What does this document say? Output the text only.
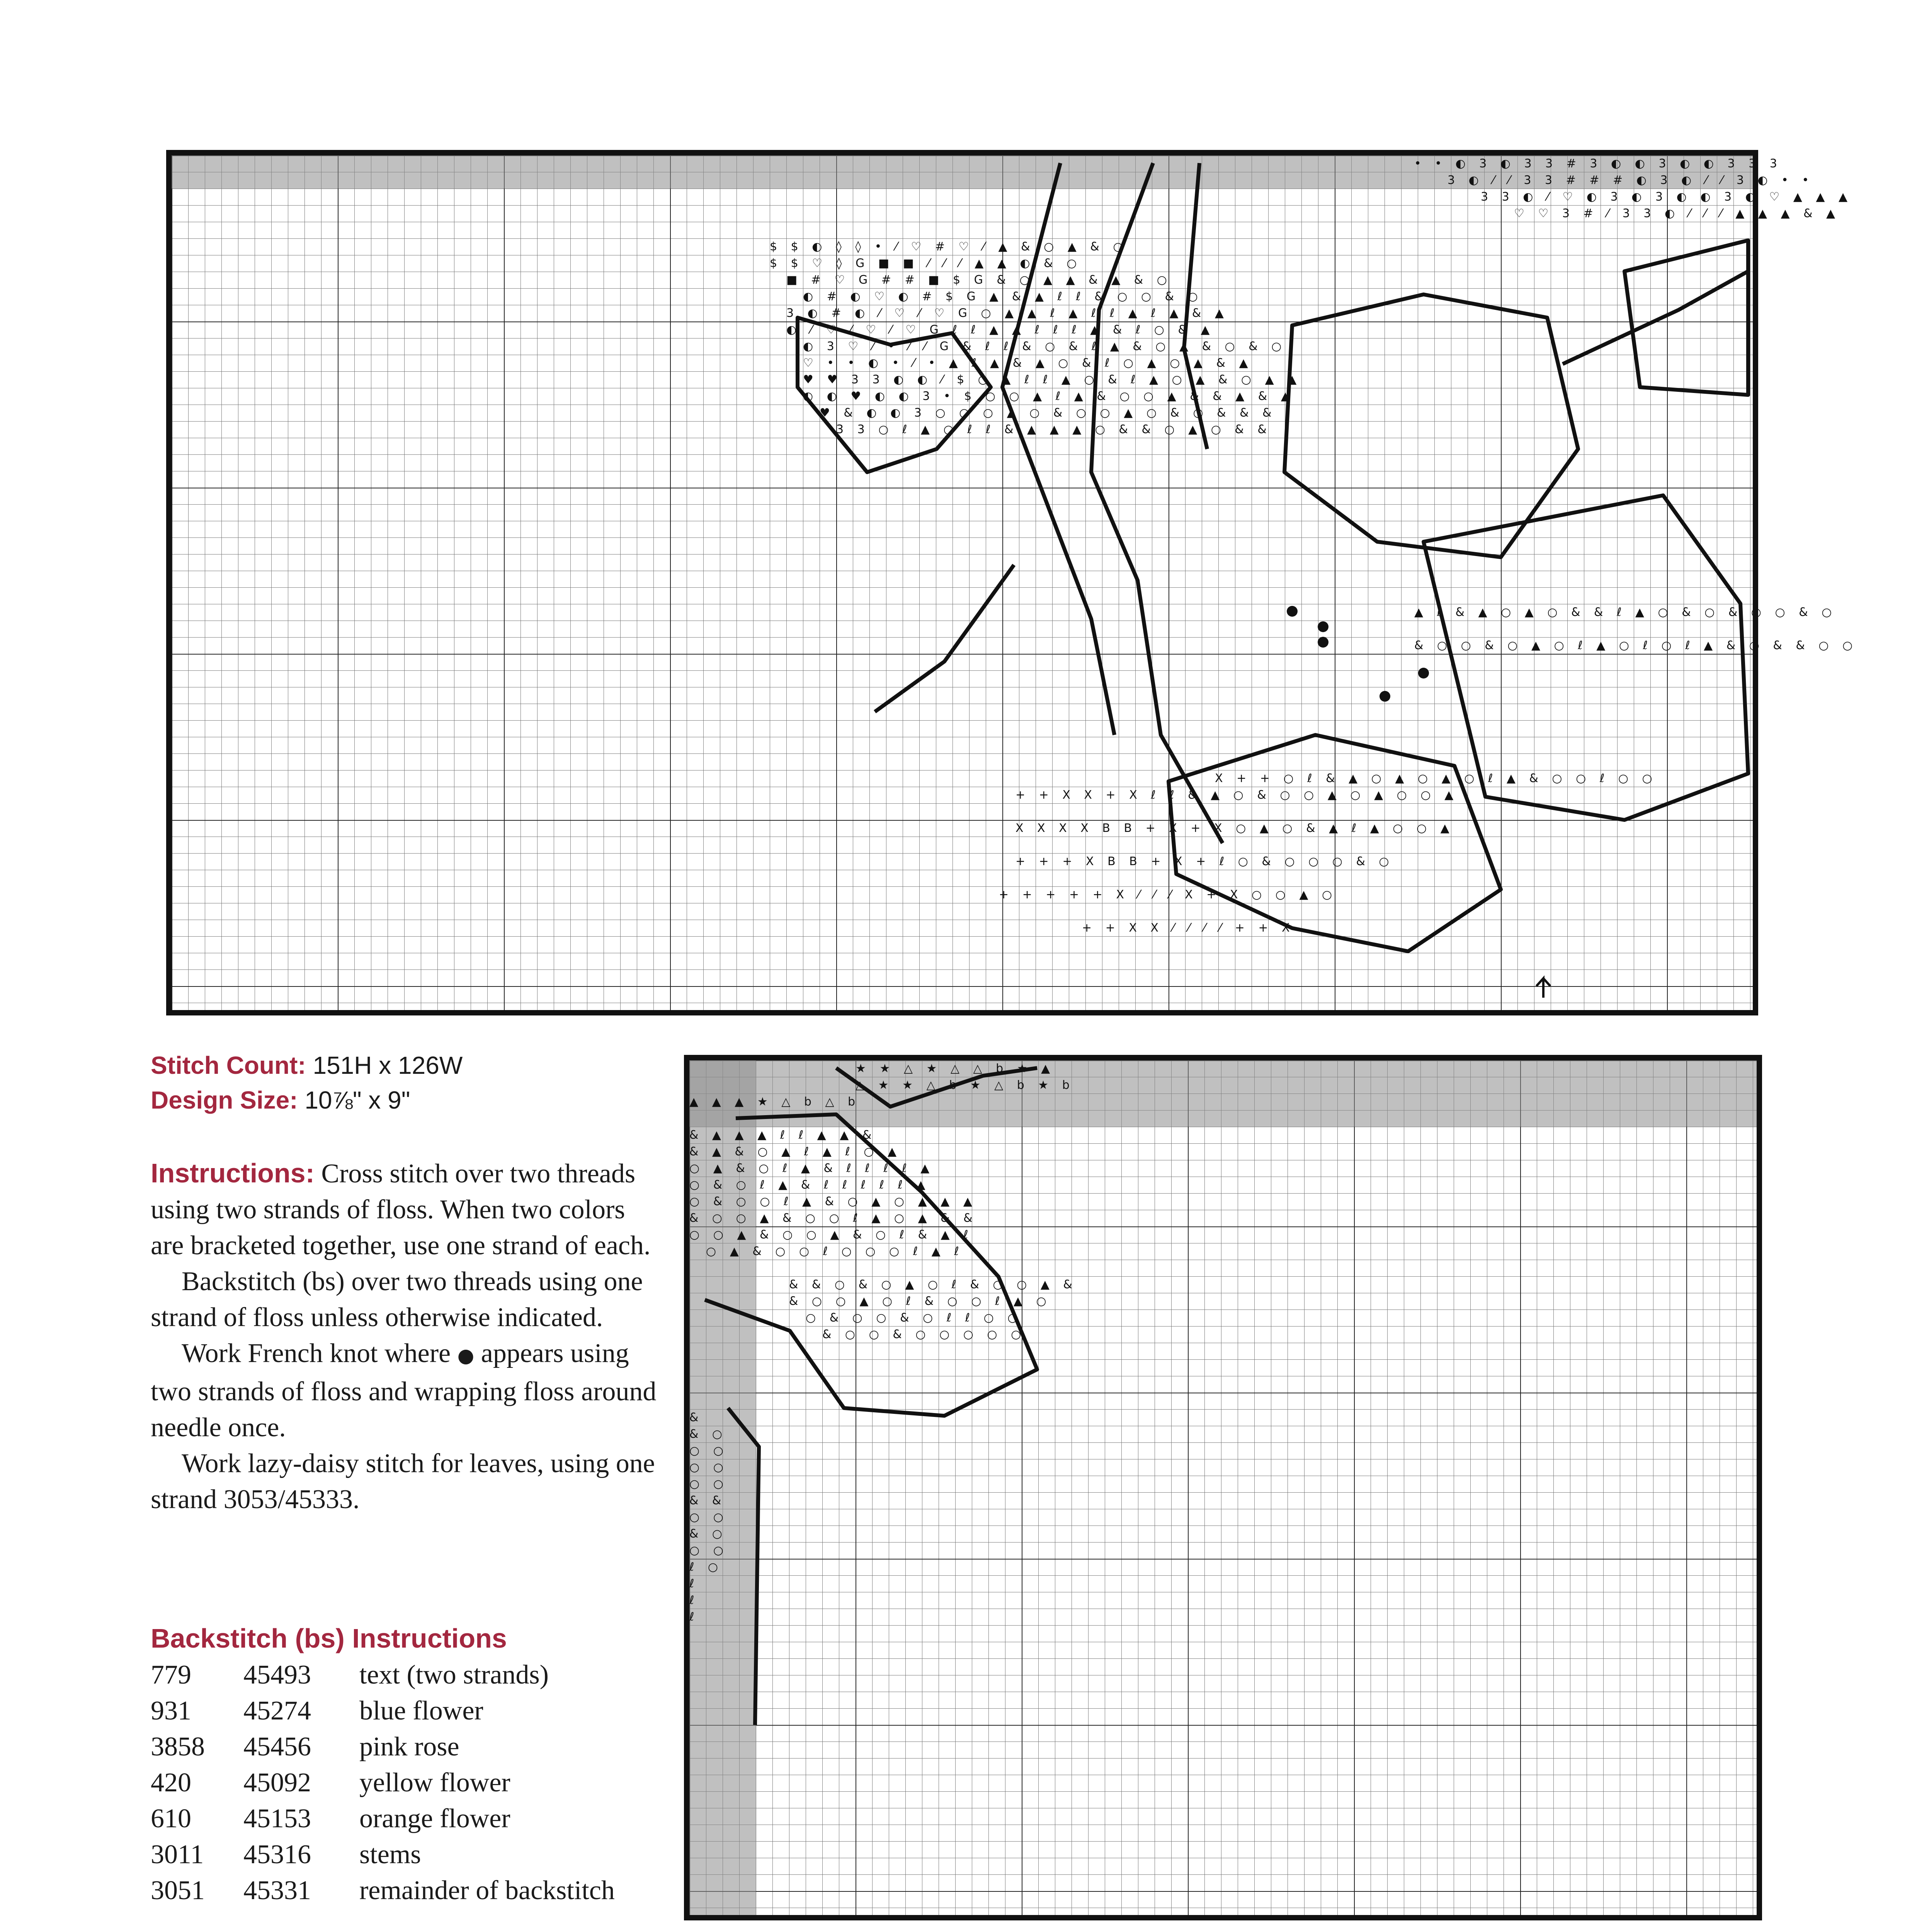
• • ◐ 3 ◐ 3 3 # 3 ◐ ◐ 3 ◐ ◐ 3 3 3
3 ◐ ⁄ ⁄ 3 3 # # # ◐ 3 ◐ ⁄ ⁄ 3 ◐ • •
3 3 ◐ ⁄ ♡ ◐ 3 ◐ 3 ◐ ◐ 3 ◐ ♡ ▲ ▲ ▲
♡ ♡ 3 # ⁄ 3 3 ◐ ⁄ ⁄ ⁄ ▲ ▲ ▲ & ▲
$ $ ◐ ◊ ◊ • ⁄ ♡ # ♡ ⁄ ▲ & ○ ▲ & ○
$ $ ♡ ◊ G ■ ■ ⁄ ⁄ ⁄ ▲ ▲ ◐ & ○
■ # ♡ G # # ■ $ G & ○ ▲ ▲ & ▲ & ○
◐ # ◐ ♡ ◐ # $ G ▲ & ▲ ℓ ℓ & ○ ○ & ○
3 ◐ # ◐ ⁄ ♡ ⁄ ♡ G ○ ▲ ▲ ℓ ▲ ℓ ℓ ▲ ℓ ▲ & ▲
◐ ⁄ ♡ ⁄ ♡ ⁄ ♡ G ℓ ℓ ▲ ▲ ℓ ℓ ℓ ▲ & ℓ ○ & ▲
◐ 3 ♡ ⁄ • ⁄ ⁄ G & ℓ ℓ & ○ & ℓ ▲ & ○ ▲ & ○ & ○
♡ • • ◐ • ⁄ • ▲ ℓ ▲ & ▲ ○ & ℓ ○ ▲ ○ ▲ & ▲
♥ ♥ 3 3 ◐ ◐ ⁄ $ ○ ▲ ℓ ℓ ▲ ○ & ℓ ▲ ○ ▲ & ○ ▲ ▲
◐ ◐ ♥ ◐ ◐ 3 • $ ○ ○ ▲ ℓ ▲ & ○ ○ ▲ & & ▲ & ▲
♥ & ◐ ◐ 3 ○ ○ ○ ▲ ○ & ○ ○ ▲ ○ & ○ & & &
3 3 ○ ℓ ▲ ○ ℓ ℓ & ▲ ▲ ▲ ○ & & ○ ▲ ○ & &
▲ ℓ & ▲ ○ ▲ ○ & & ℓ ▲ ○ & ○ & ○ ○ & ○
& ○ ○ & ○ ▲ ○ ℓ ▲ ○ ℓ ○ ℓ ▲ & ○ & & ○ ○
X + + ○ ℓ & ▲ ○ ▲ ○ ▲ ○ ℓ ▲ & ○ ○ ℓ ○ ○
+ + X X + X ℓ ℓ & ▲ ○ & ○ ○ ▲ ○ ▲ ○ ○ ▲
X X X X B B + X + X ○ ▲ ○ & ▲ ℓ ▲ ○ ○ ▲
+ + + X B B + X + ℓ ○ & ○ ○ ○ & ○
+ + + + + X ⁄ ⁄ ⁄ X + X ○ ○ ▲ ○
+ + X X ⁄ ⁄ ⁄ ⁄ + + X
★ ★ △ ★ △ △ b ★ ▲
△ ★ ★ △ b ★ △ b ★ b
▲ ▲ ▲ ★ △ b △ b
& ▲ ▲ ▲ ℓ ℓ ▲ ▲ &
& ▲ & ○ ▲ ℓ ▲ ℓ ○ ▲
○ ▲ & ○ ℓ ▲ & ℓ ℓ ℓ ℓ ▲
○ & ○ ℓ ▲ & ℓ ℓ ℓ ℓ ℓ ▲
○ & ○ ○ ℓ ▲ & ○ ▲ ○ ▲ ▲ ▲
& ○ ○ ▲ & ○ ○ ℓ ▲ ○ ▲ & &
○ ○ ▲ & ○ ○ ▲ & ○ ℓ & ▲ ℓ
○ ▲ & ○ ○ ℓ ○ ○ ○ ℓ ▲ ℓ
& & ○ & ○ ▲ ○ ℓ & ○ ○ ▲ &
& ○ ○ ▲ ○ ℓ & ○ ○ ℓ ▲ ○
○ & ○ ○ & ○ ℓ ℓ ○ ○
& ○ ○ & ○ ○ ○ ○ ○
&
& ○
○ ○
○ ○
○ ○
& &
○ ○
& ○
○ ○
ℓ ○
ℓ
ℓ
ℓ
Stitch Count: 151H x 126W
Design Size: 10⅞" x 9"

Instructions: Cross stitch over two threads using two strands of floss. When two colors are bracketed together, use one strand of each.

Backstitch (bs) over two threads using one strand of floss unless otherwise indicated.

Work French knot where ● appears using two strands of floss and wrapping floss around needle once.

Work lazy-daisy stitch for leaves, using one strand 3053/45333.

Backstitch (bs) Instructions
779 45493 text (two strands)
931 45274 blue flower
3858 45456 pink rose
420 45092 yellow flower
610 45153 orange flower
3011 45316 stems
3051 45331 remainder of backstitch
